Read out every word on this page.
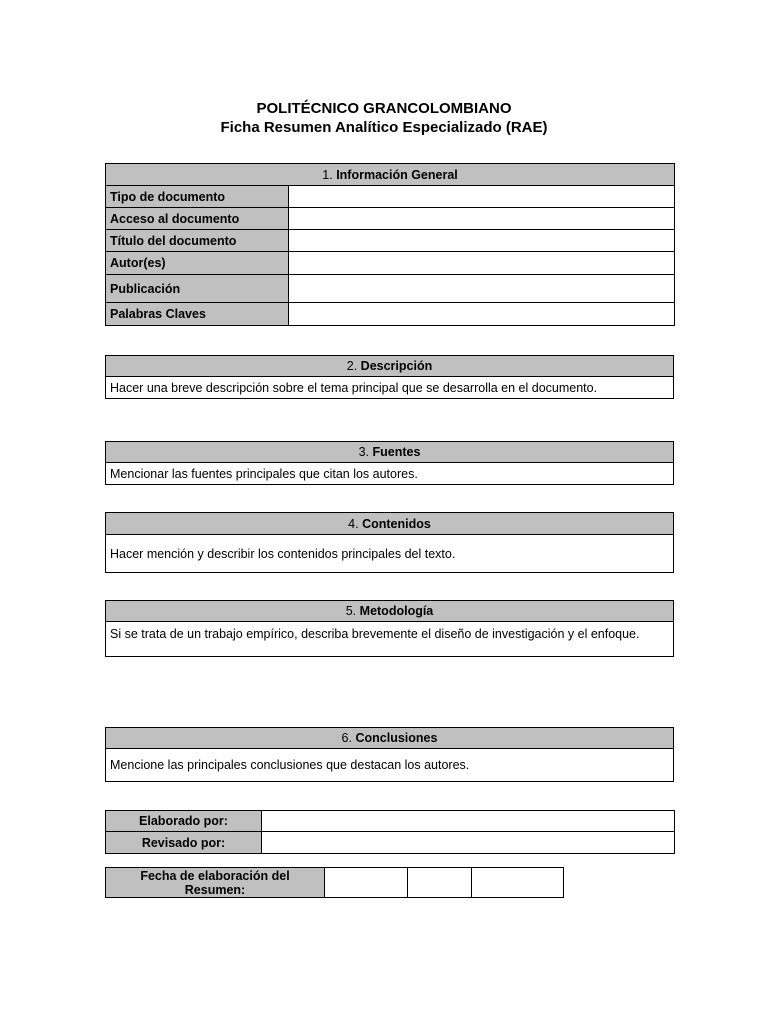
POLITÉCNICO GRANCOLOMBIANO
Ficha Resumen Analítico Especializado (RAE)
1. Información General	
Tipo de documento	
Acceso al documento	
Título del documento	
Autor(es)	
Publicación	
Palabras Claves	
2. Descripción
Hacer una breve descripción sobre el tema principal que se desarrolla en el documento.
3. Fuentes
Mencionar las fuentes principales que citan los autores.
4. Contenidos
Hacer mención y describir los contenidos principales del texto.
5. Metodología
Si se trata de un trabajo empírico, describa brevemente el diseño de investigación y el enfoque.
6. Conclusiones
Mencione las principales conclusiones que destacan los autores.
Elaborado por:	
Revisado por:	
Fecha de elaboración del Resumen:			
